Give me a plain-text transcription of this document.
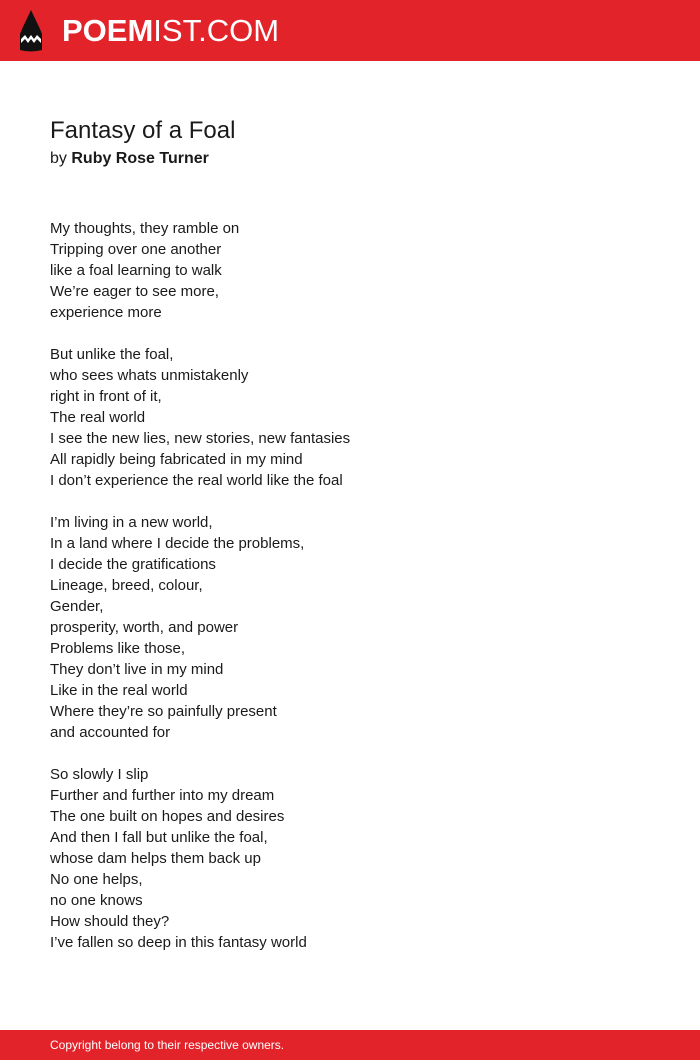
POEMIST.COM
Fantasy of a Foal
by Ruby Rose Turner
My thoughts, they ramble on
Tripping over one another
like a foal learning to walk
We’re eager to see more,
experience more
But unlike the foal,
who sees whats unmistakenly
right in front of it,
The real world
I see the new lies, new stories, new fantasies
All rapidly being fabricated in my mind
I don’t experience the real world like the foal
I’m living in a new world,
In a land where I decide the problems,
I decide the gratifications
Lineage, breed, colour,
Gender,
prosperity, worth, and power
Problems like those,
They don’t live in my mind
Like in the real world
Where they’re so painfully present
and accounted for
So slowly I slip
Further and further into my dream
The one built on hopes and desires
And then I fall but unlike the foal,
whose dam helps them back up
No one helps,
no one knows
How should they?
I’ve fallen so deep in this fantasy world
Copyright belong to their respective owners.
